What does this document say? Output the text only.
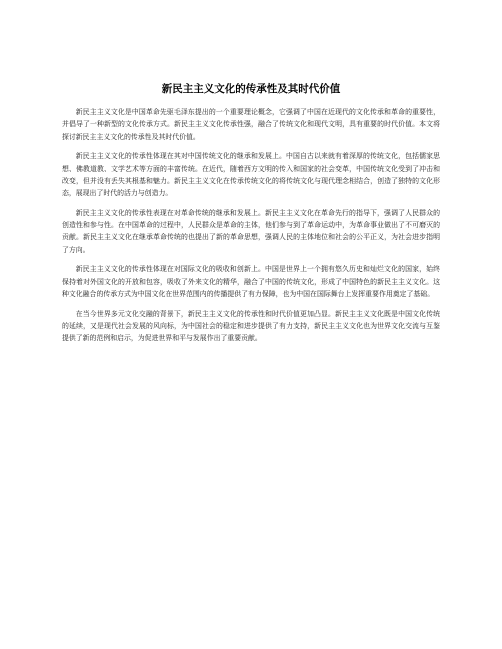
新民主主义文化的传承性及其时代价值

新民主主义文化是中国革命先驱毛泽东提出的一个重要理论概念，它强调了中国在近现代的文化传承和革命的重要性，并倡导了一种新型的文化传承方式。新民主主义文化传承性强，融合了传统文化和现代文明，具有重要的时代价值。本文将探讨新民主主义文化的传承性及其时代价值。

新民主主义文化的传承性体现在其对中国传统文化的继承和发展上。中国自古以来就有着深厚的传统文化，包括儒家思想、佛教道教、文学艺术等方面的丰富传统。在近代，随着西方文明的传入和国家的社会变革，中国传统文化受到了冲击和改变，但并没有丢失其根基和魅力。新民主主义文化在传承传统文化的将传统文化与现代理念相结合，创造了独特的文化形态，展现出了时代的活力与创造力。

新民主主义文化的传承性表现在对革命传统的继承和发展上。新民主主义文化在革命先行的指导下，强调了人民群众的创造性和参与性。在中国革命的过程中，人民群众是革命的主体，他们参与到了革命运动中，为革命事业做出了不可磨灭的贡献。新民主主义文化在继承革命传统的也提出了新的革命思想，强调人民的主体地位和社会的公平正义，为社会进步指明了方向。

新民主主义文化的传承性体现在对国际文化的吸收和创新上。中国是世界上一个拥有悠久历史和灿烂文化的国家，始终保持着对外国文化的开放和包容，吸收了外来文化的精华，融合了中国的传统文化，形成了中国特色的新民主主义文化。这种文化融合的传承方式为中国文化在世界范围内的传播提供了有力保障，也为中国在国际舞台上发挥重要作用奠定了基础。

在当今世界多元文化交融的背景下，新民主主义文化的传承性和时代价值更加凸显。新民主主义文化既是中国文化传统的延续，又是现代社会发展的风向标，为中国社会的稳定和进步提供了有力支持，新民主主义文化也为世界文化交流与互鉴提供了新的范例和启示，为促进世界和平与发展作出了重要贡献。
